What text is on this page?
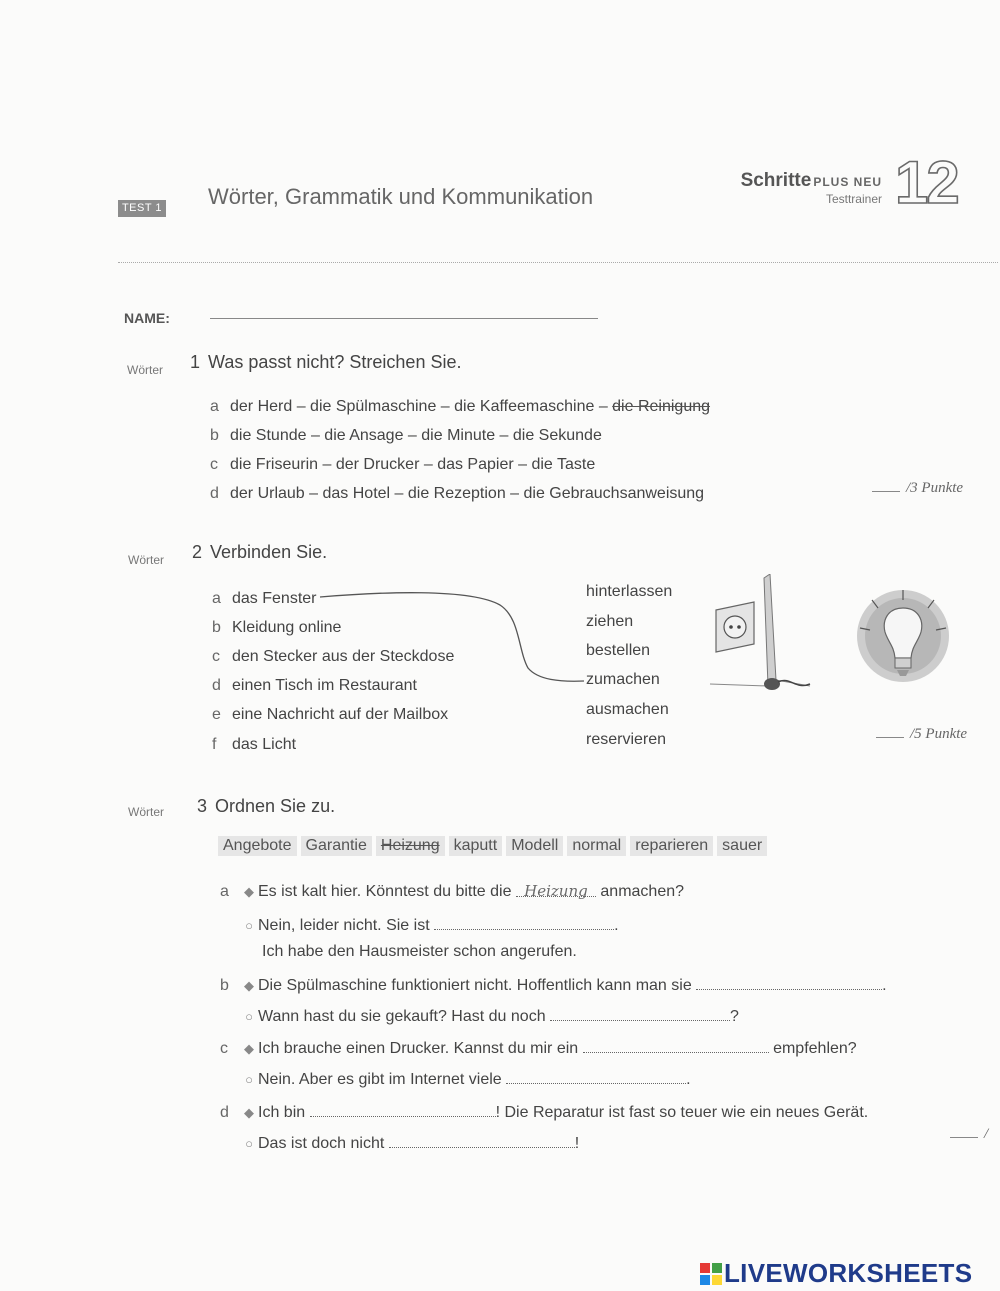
TEST 1 Wörter, Grammatik und Kommunikation
Schritte PLUS NEU
Testtrainer 12
NAME:
Wörter 1 Was passt nicht? Streichen Sie.
a der Herd – die Spülmaschine – die Kaffeemaschine – die Reinigung
b die Stunde – die Ansage – die Minute – die Sekunde
c die Friseurin – der Drucker – das Papier – die Taste
d der Urlaub – das Hotel – die Rezeption – die Gebrauchsanweisung	/3 Punkte
Wörter 2 Verbinden Sie.
a das Fenster
b Kleidung online
c den Stecker aus der Steckdose
d einen Tisch im Restaurant
e eine Nachricht auf der Mailbox
f das Licht
hinterlassen
ziehen
bestellen
zumachen
ausmachen
reservieren	/5 Punkte
Wörter 3 Ordnen Sie zu.
Angebote Garantie Heizung kaputt Modell normal reparieren sauer
a ◆ Es ist kalt hier. Könntest du bitte die Heizung anmachen?
○ Nein, leider nicht. Sie ist	.
Ich habe den Hausmeister schon angerufen.
b ◆ Die Spülmaschine funktioniert nicht. Hoffentlich kann man sie	.
○ Wann hast du sie gekauft? Hast du noch	?
c ◆ Ich brauche einen Drucker. Kannst du mir ein	empfehlen?
○ Nein. Aber es gibt im Internet viele	.
d ◆ Ich bin	! Die Reparatur ist fast so teuer wie ein neues Gerät.
○ Das ist doch nicht	!
/
LIVEWORKSHEETS
